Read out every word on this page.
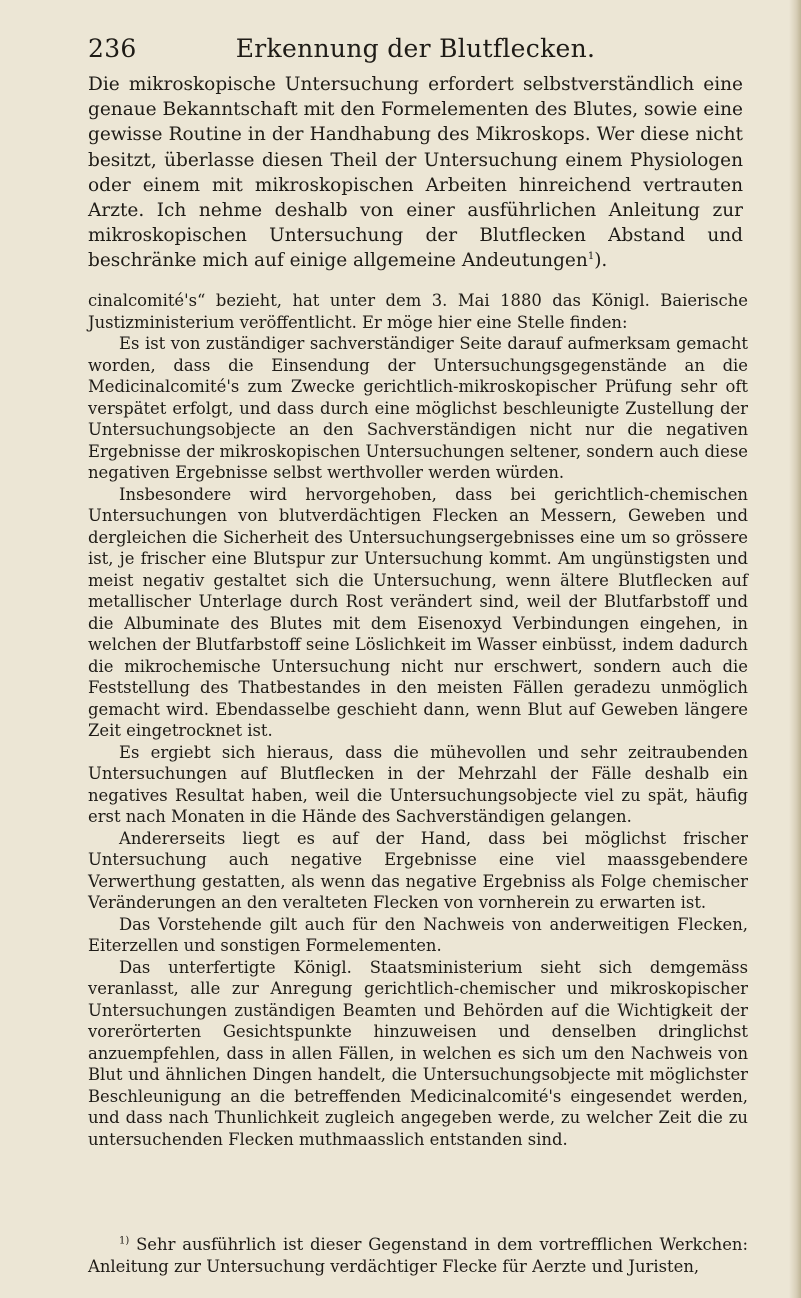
236	Erkennung der Blutflecken.

Die mikroskopische Untersuchung erfordert selbstverständlich eine genaue Bekanntschaft mit den Formelementen des Blutes, sowie eine gewisse Routine in der Handhabung des Mikroskops. Wer diese nicht besitzt, überlasse diesen Theil der Untersuchung einem Physiologen oder einem mit mikroskopischen Arbeiten hinreichend vertrauten Arzte. Ich nehme deshalb von einer ausführlichen Anleitung zur mikroskopischen Untersuchung der Blutflecken Abstand und beschränke mich auf einige allgemeine Andeutungen$^1$).

cinalcomité's“ bezieht, hat unter dem 3. Mai 1880 das Königl. Baierische Justizministerium veröffentlicht. Er möge hier eine Stelle finden:

Es ist von zuständiger sachverständiger Seite darauf aufmerksam gemacht worden, dass die Einsendung der Untersuchungsgegenstände an die Medicinalcomité's zum Zwecke gerichtlich-mikroskopischer Prüfung sehr oft verspätet erfolgt, und dass durch eine möglichst beschleunigte Zustellung der Untersuchungsobjecte an den Sachverständigen nicht nur die negativen Ergebnisse der mikroskopischen Untersuchungen seltener, sondern auch diese negativen Ergebnisse selbst werthvoller werden würden.

Insbesondere wird hervorgehoben, dass bei gerichtlich-chemischen Untersuchungen von blutverdächtigen Flecken an Messern, Geweben und dergleichen die Sicherheit des Untersuchungsergebnisses eine um so grössere ist, je frischer eine Blutspur zur Untersuchung kommt. Am ungünstigsten und meist negativ gestaltet sich die Untersuchung, wenn ältere Blutflecken auf metallischer Unterlage durch Rost verändert sind, weil der Blutfarbstoff und die Albuminate des Blutes mit dem Eisenoxyd Verbindungen eingehen, in welchen der Blutfarbstoff seine Löslichkeit im Wasser einbüsst, indem dadurch die mikrochemische Untersuchung nicht nur erschwert, sondern auch die Feststellung des Thatbestandes in den meisten Fällen geradezu unmöglich gemacht wird. Ebendasselbe geschieht dann, wenn Blut auf Geweben längere Zeit eingetrocknet ist.

Es ergiebt sich hieraus, dass die mühevollen und sehr zeitraubenden Untersuchungen auf Blutflecken in der Mehrzahl der Fälle deshalb ein negatives Resultat haben, weil die Untersuchungsobjecte viel zu spät, häufig erst nach Monaten in die Hände des Sachverständigen gelangen.

Andererseits liegt es auf der Hand, dass bei möglichst frischer Untersuchung auch negative Ergebnisse eine viel maassgebendere Verwerthung gestatten, als wenn das negative Ergebniss als Folge chemischer Veränderungen an den veralteten Flecken von vornherein zu erwarten ist.

Das Vorstehende gilt auch für den Nachweis von anderweitigen Flecken, Eiterzellen und sonstigen Formelementen.

Das unterfertigte Königl. Staatsministerium sieht sich demgemäss veranlasst, alle zur Anregung gerichtlich-chemischer und mikroskopischer Untersuchungen zuständigen Beamten und Behörden auf die Wichtigkeit der vorerörterten Gesichtspunkte hinzuweisen und denselben dringlichst anzuempfehlen, dass in allen Fällen, in welchen es sich um den Nachweis von Blut und ähnlichen Dingen handelt, die Untersuchungsobjecte mit möglichster Beschleunigung an die betreffenden Medicinalcomité's eingesendet werden, und dass nach Thunlichkeit zugleich angegeben werde, zu welcher Zeit die zu untersuchenden Flecken muthmaasslich entstanden sind.

$^{1)}$ Sehr ausführlich ist dieser Gegenstand in dem vortrefflichen Werkchen: Anleitung zur Untersuchung verdächtiger Flecke für Aerzte und Juristen,
